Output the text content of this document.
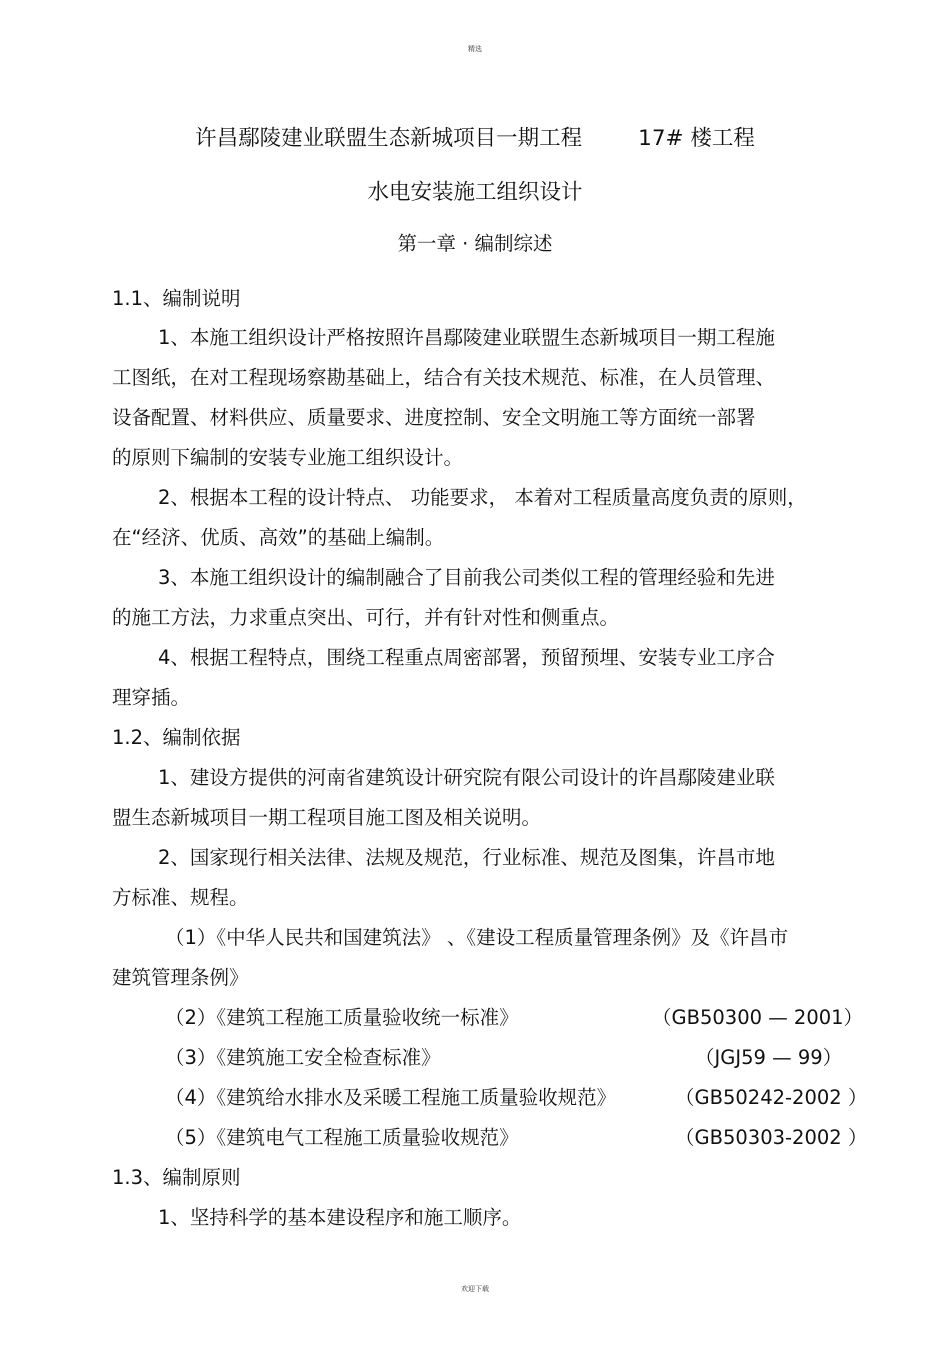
精选
许昌鄢陵建业联盟生态新城项目一期工程	17# 楼工程
水电安装施工组织设计
第一章 · 编制综述
1.1、编制说明
1、本施工组织设计严格按照许昌鄢陵建业联盟生态新城项目一期工程施
工图纸，在对工程现场察勘基础上，结合有关技术规范、标准，在人员管理、
设备配置、材料供应、质量要求、进度控制、安全文明施工等方面统一部署
的原则下编制的安装专业施工组织设计。
2、根据本工程的设计特点、 功能要求， 本着对工程质量高度负责的原则，
在“经济、优质、高效”的基础上编制。
3、本施工组织设计的编制融合了目前我公司类似工程的管理经验和先进
的施工方法，力求重点突出、可行，并有针对性和侧重点。
4、根据工程特点，围绕工程重点周密部署，预留预埋、安装专业工序合
理穿插。
1.2、编制依据
1、建设方提供的河南省建筑设计研究院有限公司设计的许昌鄢陵建业联
盟生态新城项目一期工程项目施工图及相关说明。
2、国家现行相关法律、法规及规范，行业标准、规范及图集，许昌市地
方标准、规程。
（1）《中华人民共和国建筑法》 、《建设工程质量管理条例》及《许昌市
建筑管理条例》
（2）《建筑工程施工质量验收统一标准》	（GB50300 — 2001）
（3）《建筑施工安全检查标准》	（JGJ59 — 99）
（4）《建筑给水排水及采暖工程施工质量验收规范》	（GB50242-2002 ）
（5）《建筑电气工程施工质量验收规范》	（GB50303-2002 ）
1.3、编制原则
1、坚持科学的基本建设程序和施工顺序。
欢迎下载
